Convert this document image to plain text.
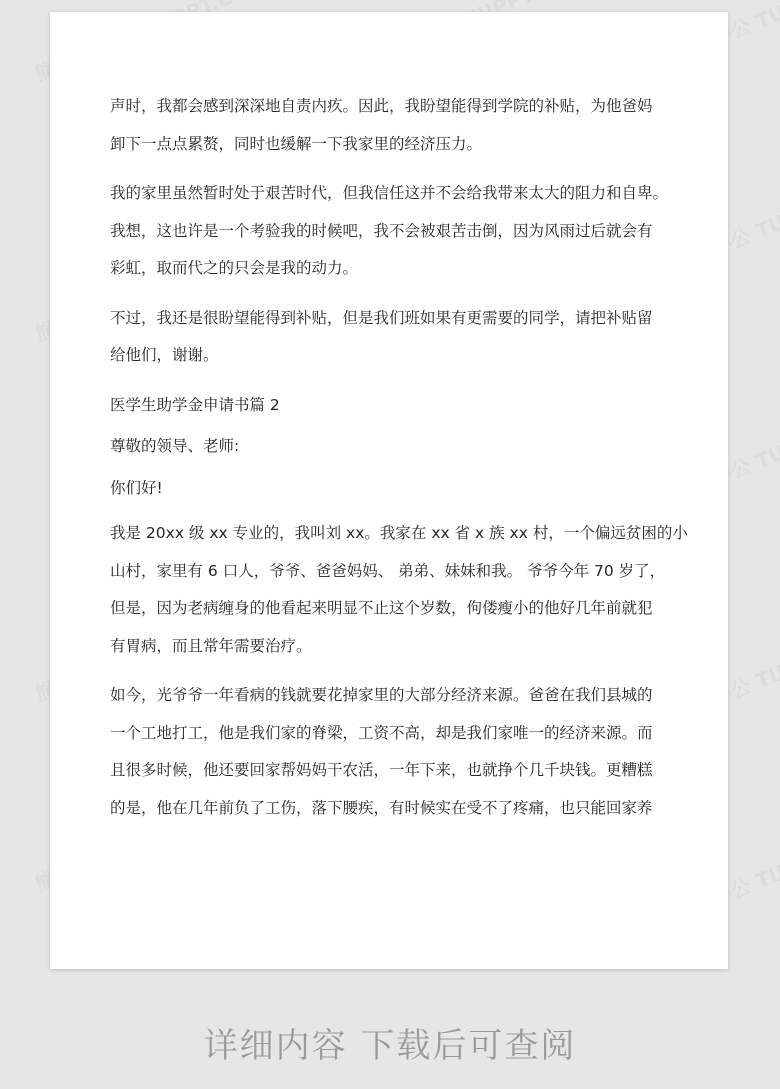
声时，我都会感到深深地自责内疚。因此，我盼望能得到学院的补贴，为他爸妈
卸下一点点累赘，同时也缓解一下我家里的经济压力。
我的家里虽然暂时处于艰苦时代，但我信任这并不会给我带来太大的阻力和自卑。
我想，这也许是一个考验我的时候吧，我不会被艰苦击倒，因为风雨过后就会有
彩虹，取而代之的只会是我的动力。
不过，我还是很盼望能得到补贴，但是我们班如果有更需要的同学，请把补贴留
给他们，谢谢。
医学生助学金申请书篇 2
尊敬的领导、老师:
你们好!
我是 20xx 级 xx 专业的，我叫刘 xx。我家在 xx 省 x 族 xx 村，一个偏远贫困的小
山村，家里有 6 口人，爷爷、爸爸妈妈、 弟弟、妹妹和我。 爷爷今年 70 岁了，
但是，因为老病缠身的他看起来明显不止这个岁数，佝偻瘦小的他好几年前就犯
有胃病，而且常年需要治疗。
如今，光爷爷一年看病的钱就要花掉家里的大部分经济来源。爸爸在我们县城的
一个工地打工，他是我们家的脊梁，工资不高，却是我们家唯一的经济来源。而
且很多时候，他还要回家帮妈妈干农活，一年下来，也就挣个几千块钱。更糟糕
的是，他在几年前负了工伤，落下腰疾，有时候实在受不了疼痛，也只能回家养
详细内容 下载后可查阅
